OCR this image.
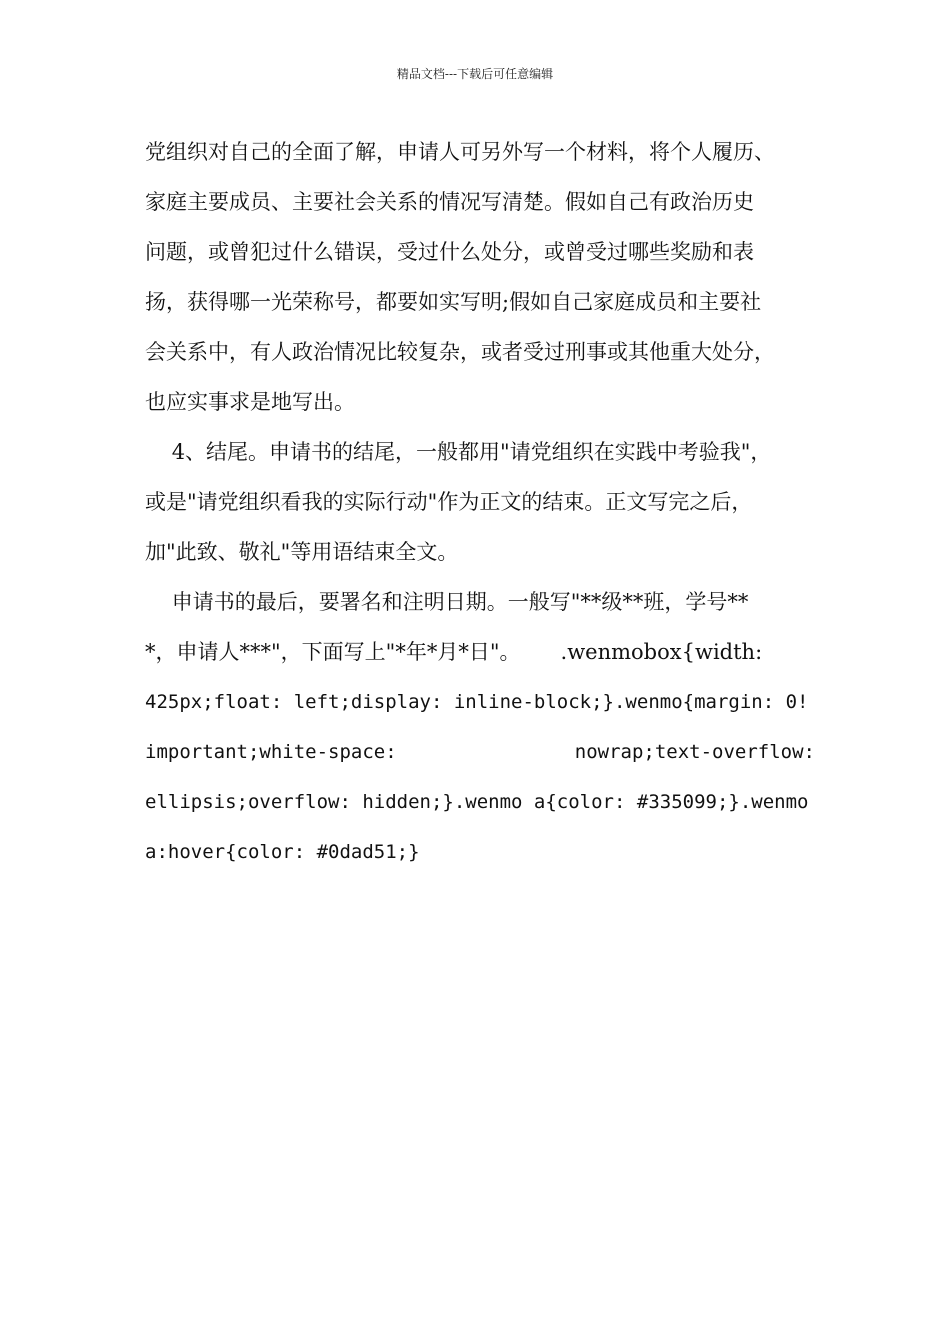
精品文档---下载后可任意编辑
党组织对自己的全面了解，申请人可另外写一个材料，将个人履历、
家庭主要成员、主要社会关系的情况写清楚。假如自己有政治历史
问题，或曾犯过什么错误，受过什么处分，或曾受过哪些奖励和表
扬，获得哪一光荣称号，都要如实写明;假如自己家庭成员和主要社
会关系中，有人政治情况比较复杂，或者受过刑事或其他重大处分，
也应实事求是地写出。
4、结尾。申请书的结尾，一般都用"请党组织在实践中考验我"，
或是"请党组织看我的实际行动"作为正文的结束。正文写完之后，
加"此致、敬礼"等用语结束全文。
申请书的最后，要署名和注明日期。一般写"**级**班，学号**
*，申请人***"，下面写上"*年*月*日"。      .wenmobox{width:
425px;float: left;display: inline-block;}.wenmo{margin: 0!
important;white-space:	nowrap;text-overflow:
ellipsis;overflow: hidden;}.wenmo a{color: #335099;}.wenmo
a:hover{color: #0dad51;}
